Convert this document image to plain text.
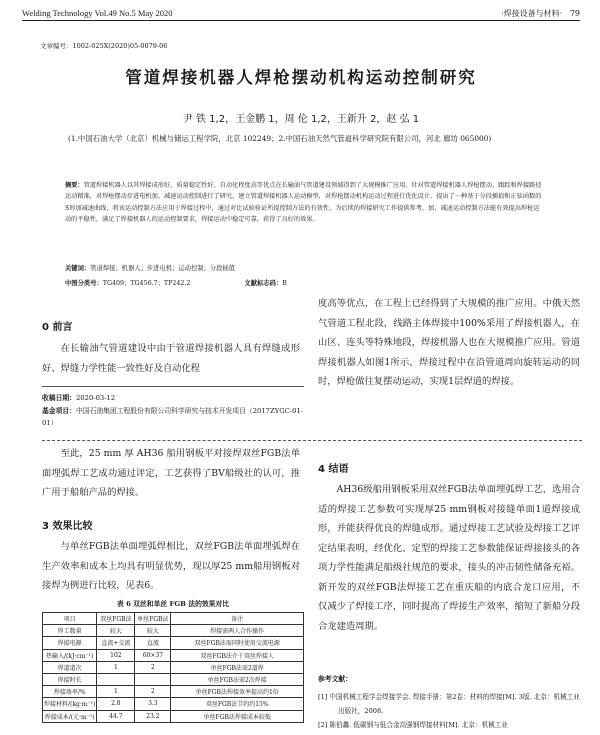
Welding Technology Vol.49 No.5 May 2020	·焊接设备与材料· 79
文章编号：1002-025X(2020)05-0079-06
管道焊接机器人焊枪摆动机构运动控制研究
尹 铁 1,2，王金鹏 1，周 伦 1,2，王新升 2，赵 弘 1
(1.中国石油大学（北京）机械与储运工程学院，北京 102249；2.中国石油天然气管道科学研究院有限公司，河北 廊坊 065000)
摘要：管道焊接机器人以其焊接成形好、质量稳定性好、自动化程度高等优点在长输油气管道建设领域得到了大规模推广应用。针对管道焊接机器人焊枪摆动、跟踪和焊接路径运动精准，对焊枪摆动步进电机加、减速运动控制进行了研究。建立管道焊接机器人运动模型，对焊枪摆动机构运动过程进行优化设计，提出了一种基于分段插值和正弦函数的S形加减速曲线，将该运动控制方法应用于焊接过程中，通过对比试验验证所提控制方法的有效性，为后续的焊接研究工作提供参考，加、减速运动控制方法能有效提高焊枪运动的平稳性，满足了焊接机器人的运动控制要求，焊接运动中稳定可靠，获得了良好的效果。
关键词：管道焊接；机器人；步进电机；运动控制；分段插值
中图分类号：TG409；TG456.7；TP242.2	文献标志码：B
0 前言
在长输油气管道建设中由于管道焊接机器人具有焊缝成形好、焊缝力学性能一致性好及自动化程
收稿日期：2020-03-12
基金项目：中国石油集团工程股份有限公司科学研究与技术开发项目（2017ZYGC-01-01）
度高等优点，在工程上已经得到了大规模的推广应用。中俄天然气管道工程北段，线路主体焊接中100%采用了焊接机器人，在山区、连头等特殊地段，焊接机器人也在大规模推广应用。管道焊接机器人如图1所示，焊接过程中在沿管道周向旋转运动的同时，焊枪做往复摆动运动，实现1层焊道的焊接。
至此，25 mm 厚 AH36 船用钢板平对接焊双丝FGB法单面埋弧焊工艺成功通过评定，工艺获得了BV船级社的认可，推广用于船舶产品的焊接。
3 效果比较
与单丝FGB法单面埋弧焊相比，双丝FGB法单面埋弧焊在生产效率和成本上均具有明显优势，现以厚25 mm船用钢板对接焊为例进行比较，见表6。
表 6 双丝和单丝 FGB 法的效果对比
项目	双丝FGB法	单丝FGB法	备注
焊工数量	较大	较大	焊接需两人合作操作
焊接电源	直流+交流	直流	双丝FGB法需同时使用交流电源
热输入/(kJ·cm⁻¹)	102	60×37	双丝FGB法介于双丝焊接人
焊道道次	1	2	单丝FGB法需2道焊
焊接时长			单丝FGB法需2次焊接
焊接效率/%	1	2	单丝FGB法焊接效率提高约1倍
焊接材料/(kg·m⁻¹)	2.8	3.3	双丝FGB法节约约15%
焊接成本/(元·m⁻¹)	44.7	23.2	单丝FGB法焊接成本较低
4 结语
AH36级船用钢板采用双丝FGB法单面埋弧焊工艺，选用合适的焊接工艺参数可实现厚25 mm钢板对接缝单面1道焊接成形，并能获得优良的焊缝成形。通过焊接工艺试验及焊接工艺评定结果表明，经优化、定型的焊接工艺参数能保证焊接接头的各项力学性能满足船级社规范的要求，接头的冲击韧性储备充裕。新开发的双丝FGB法焊接工艺在重庆船的内底合龙口应用，不仅减少了焊接工序，同时提高了焊接生产效率，缩短了新船分段合龙建造周期。
参考文献：
[1] 中国机械工程学会焊接学会. 焊接手册：第2卷：材料的焊接[M]. 3版. 北京：机械工业出版社，2008.
[2] 陈伯蠡. 低碳钢与低合金高强钢焊接材料[M]. 北京：机械工业
